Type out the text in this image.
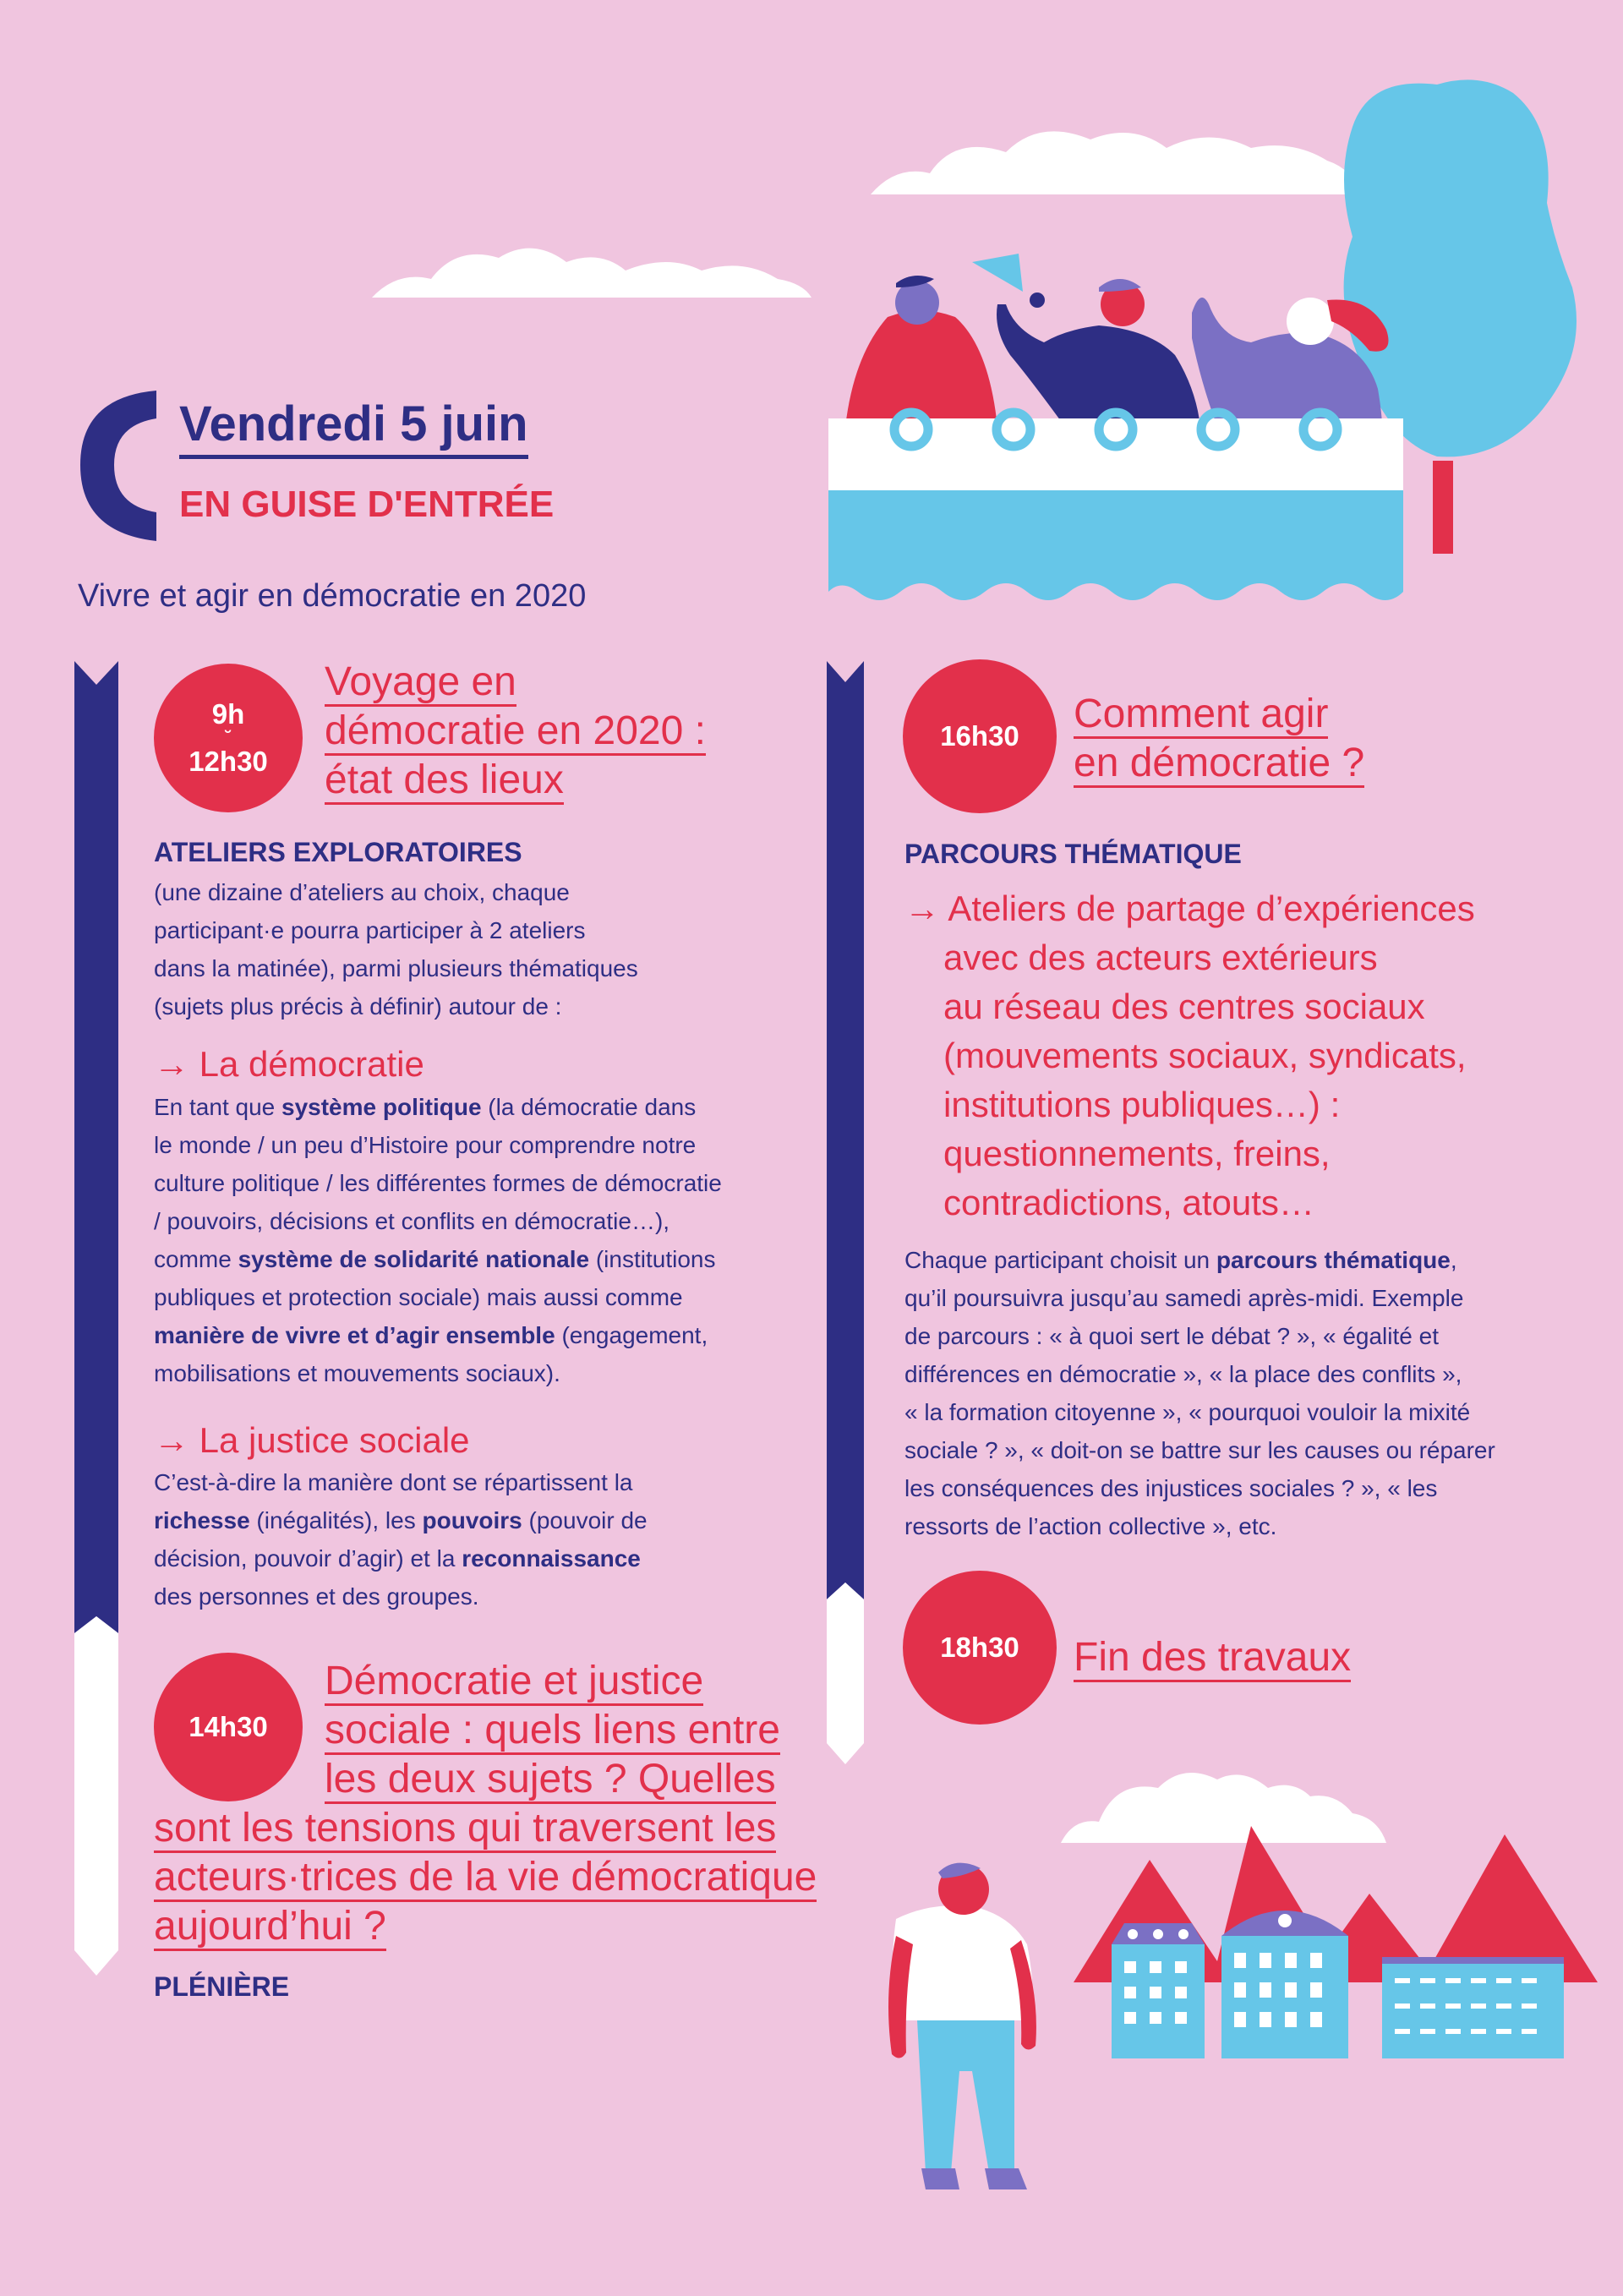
Vendredi 5 juin
EN GUISE D'ENTRÉE
Vivre et agir en démocratie en 2020
9h
˘
12h30
Voyage en
démocratie en 2020 :
état des lieux
ATELIERS EXPLORATOIRES
(une dizaine d’ateliers au choix, chaque
participant·e pourra participer à 2 ateliers
dans la matinée), parmi plusieurs thématiques
(sujets plus précis à définir) autour de :
→ La démocratie
En tant que système politique (la démocratie dans
le monde / un peu d’Histoire pour comprendre notre
culture politique / les différentes formes de démocratie
/ pouvoirs, décisions et conflits en démocratie…),
comme système de solidarité nationale (institutions
publiques et protection sociale) mais aussi comme
manière de vivre et d’agir ensemble (engagement,
mobilisations et mouvements sociaux).
→ La justice sociale
C’est-à-dire la manière dont se répartissent la
richesse (inégalités), les pouvoirs (pouvoir de
décision, pouvoir d’agir) et la reconnaissance
des personnes et des groupes.
14h30
Démocratie et justice
sociale : quels liens entre
les deux sujets ? Quelles
sont les tensions qui traversent les
acteurs·trices de la vie démocratique
aujourd’hui ?
PLÉNIÈRE
16h30 Comment agir
en démocratie ?
PARCOURS THÉMATIQUE
→ Ateliers de partage d’expériences
avec des acteurs extérieurs
au réseau des centres sociaux
(mouvements sociaux, syndicats,
institutions publiques…) :
questionnements, freins,
contradictions, atouts…
Chaque participant choisit un parcours thématique,
qu’il poursuivra jusqu’au samedi après-midi. Exemple
de parcours : « à quoi sert le débat ? », « égalité et
différences en démocratie », « la place des conflits »,
« la formation citoyenne », « pourquoi vouloir la mixité
sociale ? », « doit-on se battre sur les causes ou réparer
les conséquences des injustices sociales ? », « les
ressorts de l’action collective », etc.
18h30 Fin des travaux
